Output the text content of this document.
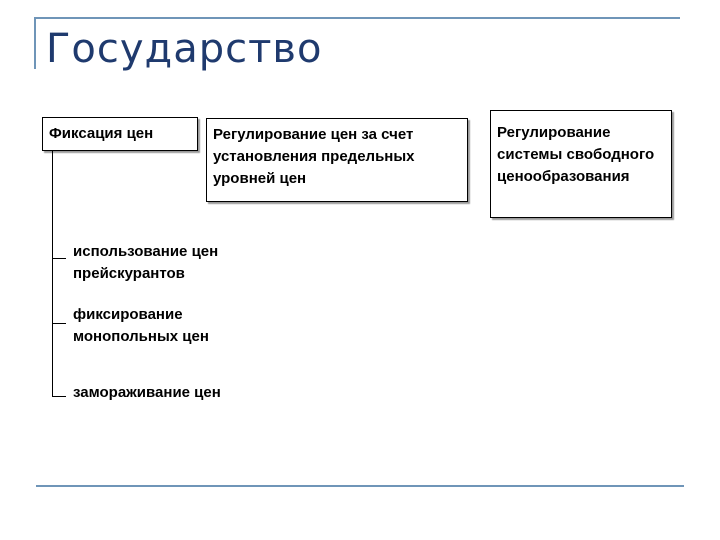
Государство
Фиксация цен	Регулирование цен за счет установления предельных уровней цен
Регулирование системы свободного ценообразования
использование цен прейскурантов
фиксирование монопольных цен
замораживание цен
